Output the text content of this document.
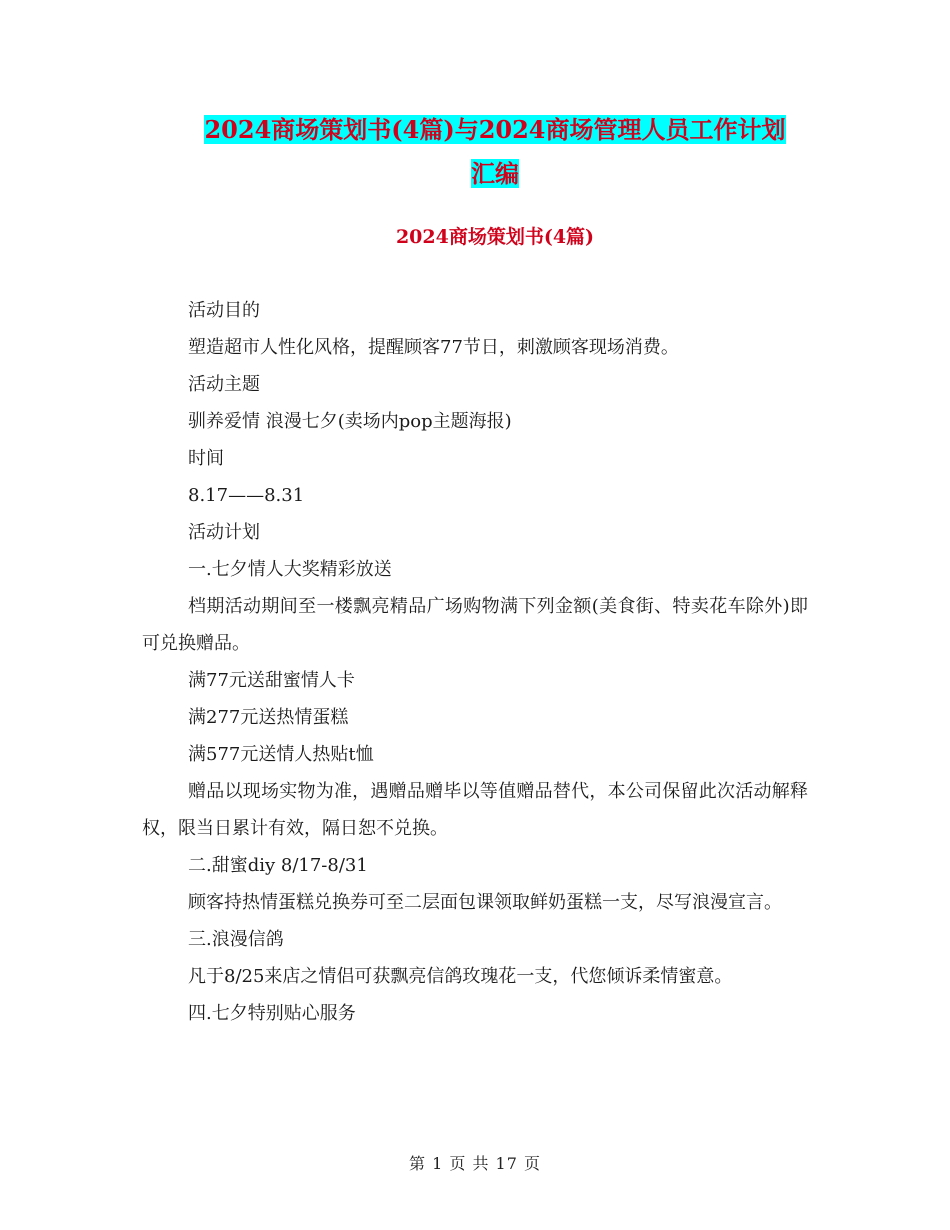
2024商场策划书(4篇)与2024商场管理人员工作计划
汇编
2024商场策划书(4篇)

活动目的

塑造超市人性化风格，提醒顾客77节日，刺激顾客现场消费。

活动主题

驯养爱情 浪漫七夕(卖场内pop主题海报)

时间

8.17——8.31

活动计划

一.七夕情人大奖精彩放送

档期活动期间至一楼飘亮精品广场购物满下列金额(美食街、特卖花车除外)即可兑换赠品。

满77元送甜蜜情人卡

满277元送热情蛋糕

满577元送情人热贴t恤

赠品以现场实物为准，遇赠品赠毕以等值赠品替代，本公司保留此次活动解释权，限当日累计有效，隔日恕不兑换。

二.甜蜜diy 8/17-8/31

顾客持热情蛋糕兑换券可至二层面包课领取鲜奶蛋糕一支，尽写浪漫宣言。

三.浪漫信鸽

凡于8/25来店之情侣可获飘亮信鸽玫瑰花一支，代您倾诉柔情蜜意。

四.七夕特别贴心服务

第 1 页 共 17 页
